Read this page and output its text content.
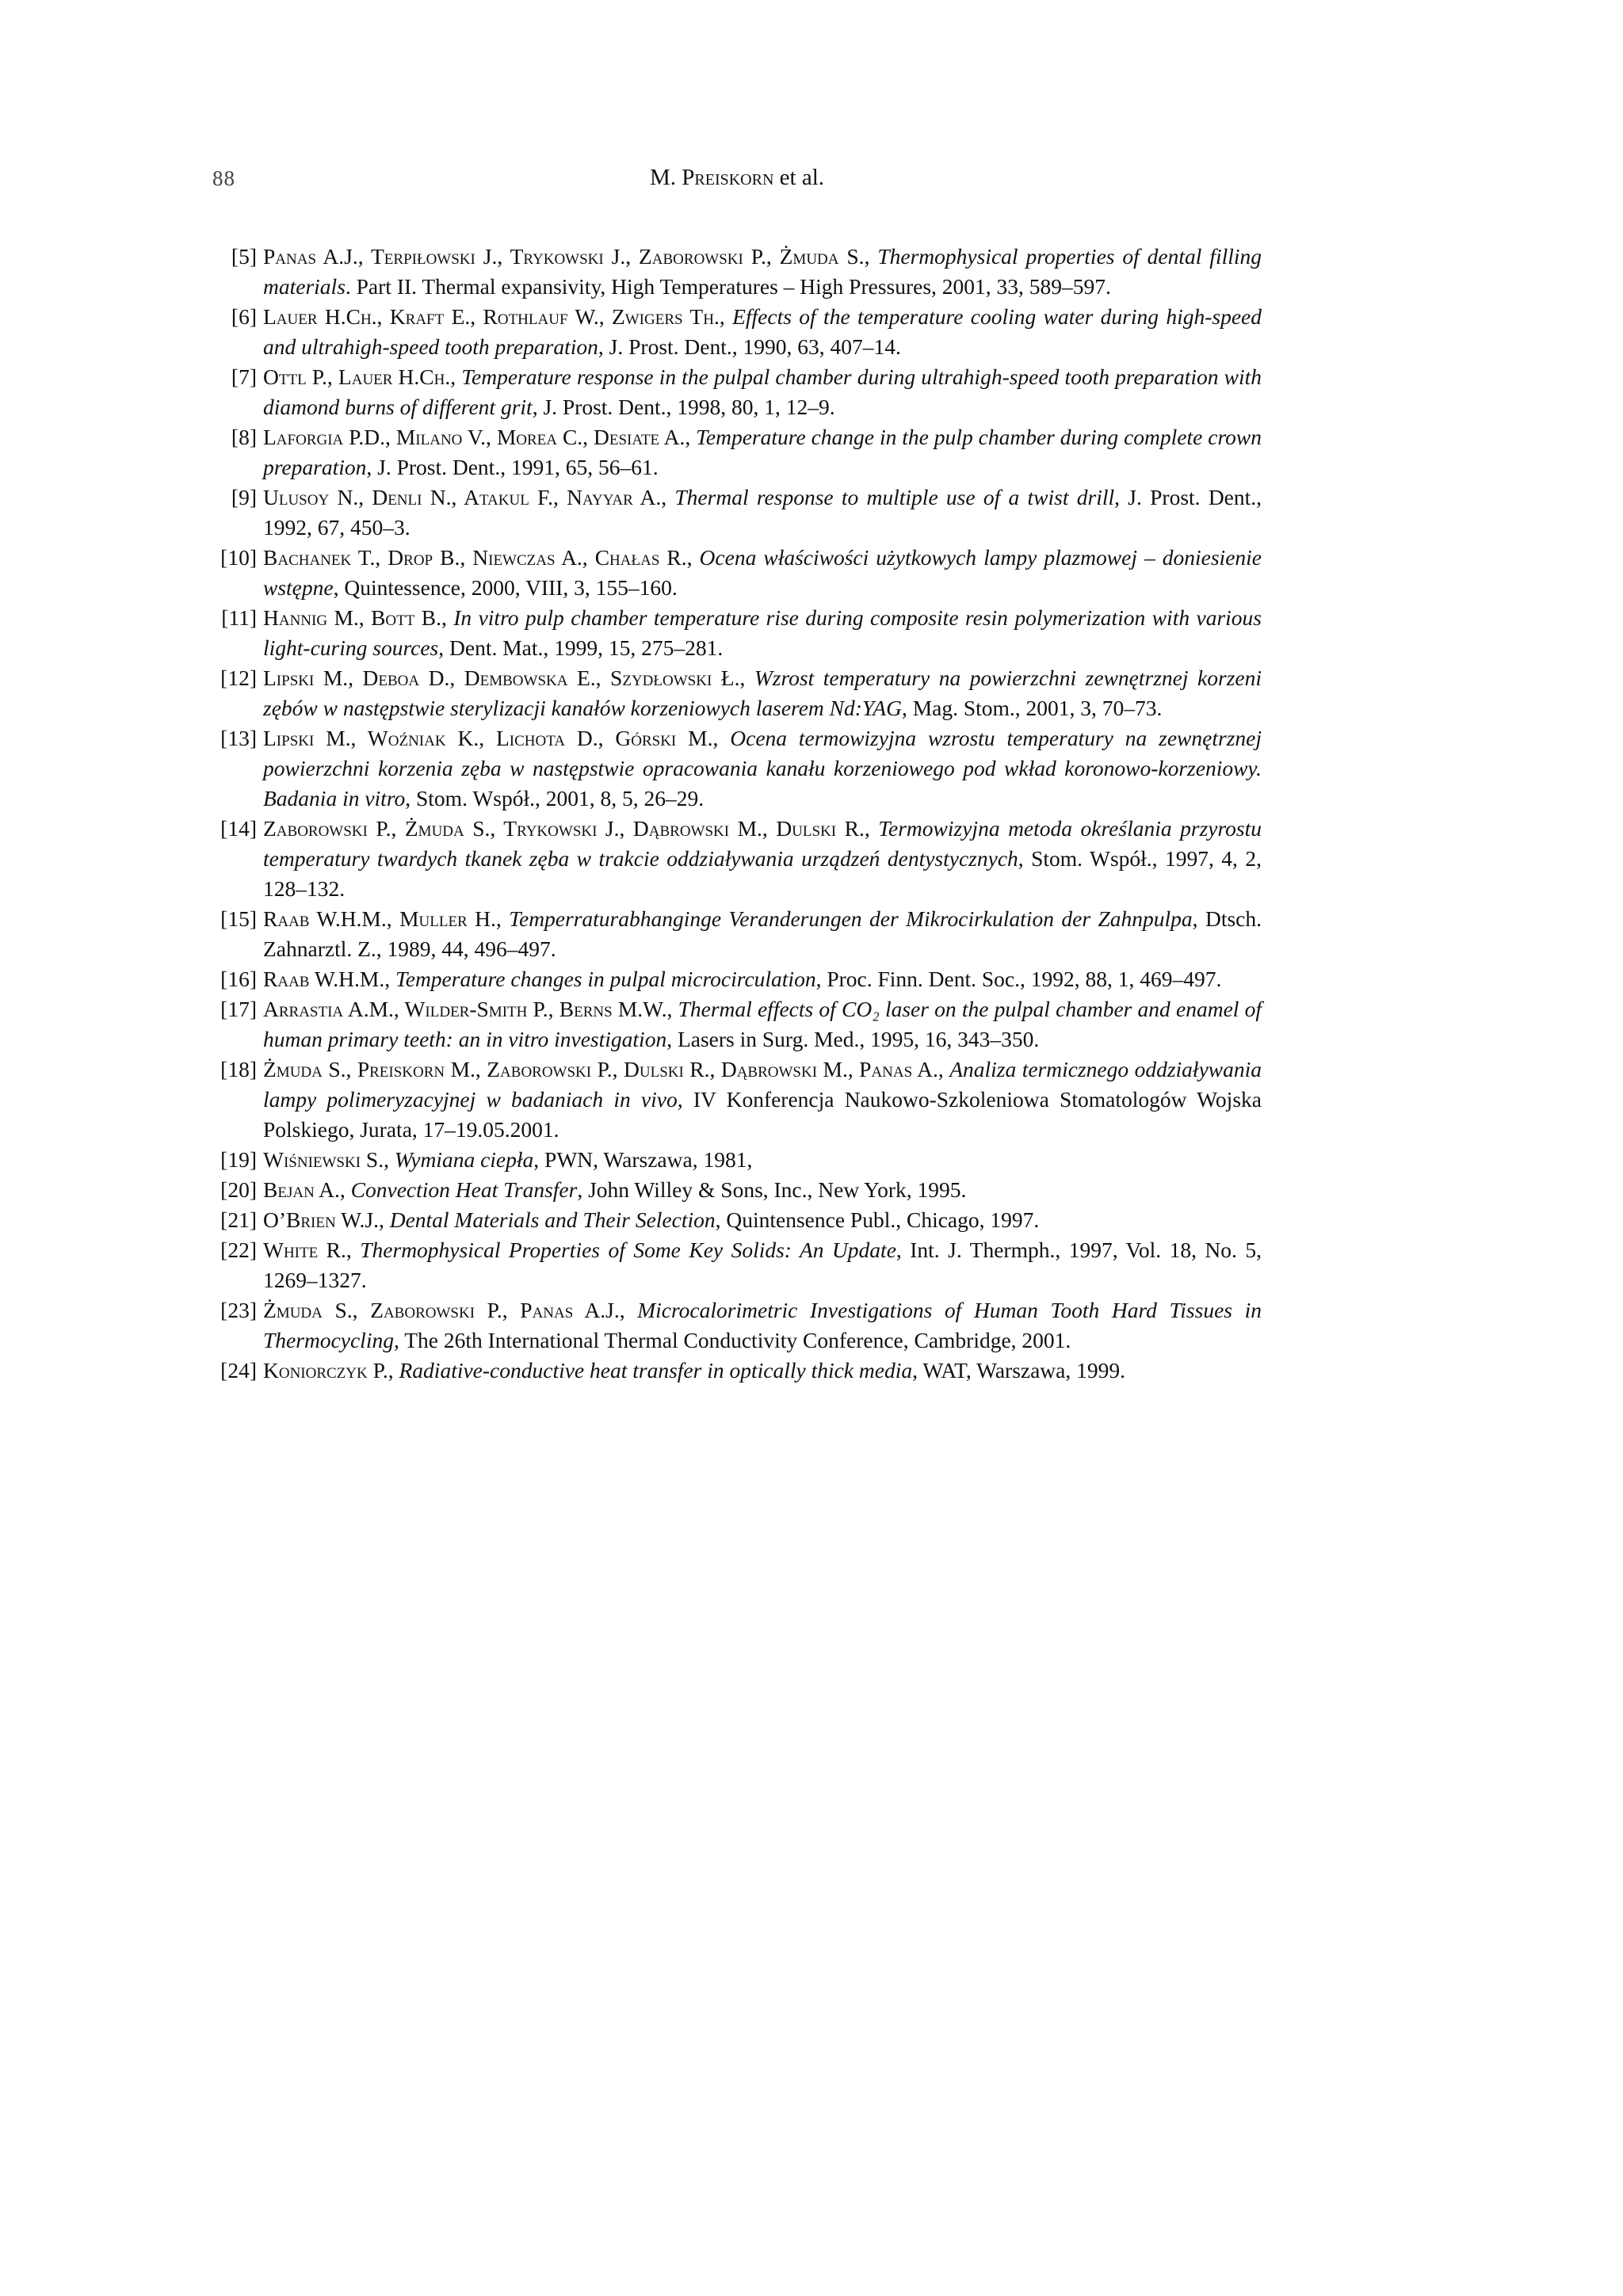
88	M. Preiskorn et al.
[5] Panas A.J., Terpiłowski J., Trykowski J., Zaborowski P., Żmuda S., Thermophysical properties of dental filling materials. Part II. Thermal expansivity, High Temperatures – High Pressures, 2001, 33, 589–597.
[6] Lauer H.Ch., Kraft E., Rothlauf W., Zwigers Th., Effects of the temperature cooling water during high-speed and ultrahigh-speed tooth preparation, J. Prost. Dent., 1990, 63, 407–14.
[7] Ottl P., Lauer H.Ch., Temperature response in the pulpal chamber during ultrahigh-speed tooth preparation with diamond burns of different grit, J. Prost. Dent., 1998, 80, 1, 12–9.
[8] Laforgia P.D., Milano V., Morea C., Desiate A., Temperature change in the pulp chamber during complete crown preparation, J. Prost. Dent., 1991, 65, 56–61.
[9] Ulusoy N., Denli N., Atakul F., Nayyar A., Thermal response to multiple use of a twist drill, J. Prost. Dent., 1992, 67, 450–3.
[10] Bachanek T., Drop B., Niewczas A., Chałas R., Ocena właściwości użytkowych lampy plazmowej – doniesienie wstępne, Quintessence, 2000, VIII, 3, 155–160.
[11] Hannig M., Bott B., In vitro pulp chamber temperature rise during composite resin polymerization with various light-curing sources, Dent. Mat., 1999, 15, 275–281.
[12] Lipski M., Deboa D., Dembowska E., Szydłowski Ł., Wzrost temperatury na powierzchni zewnętrznej korzeni zębów w następstwie sterylizacji kanałów korzeniowych laserem Nd:YAG, Mag. Stom., 2001, 3, 70–73.
[13] Lipski M., Woźniak K., Lichota D., Górski M., Ocena termowizyjna wzrostu temperatury na zewnętrznej powierzchni korzenia zęba w następstwie opracowania kanału korzeniowego pod wkład koronowo-korzeniowy. Badania in vitro, Stom. Współ., 2001, 8, 5, 26–29.
[14] Zaborowski P., Żmuda S., Trykowski J., Dąbrowski M., Dulski R., Termowizyjna metoda określania przyrostu temperatury twardych tkanek zęba w trakcie oddziaływania urządzeń dentystycznych, Stom. Współ., 1997, 4, 2, 128–132.
[15] Raab W.H.M., Muller H., Temperraturabhanginge Veranderungen der Mikrocirkulation der Zahnpulpa, Dtsch. Zahnarztl. Z., 1989, 44, 496–497.
[16] Raab W.H.M., Temperature changes in pulpal microcirculation, Proc. Finn. Dent. Soc., 1992, 88, 1, 469–497.
[17] Arrastia A.M., Wilder-Smith P., Berns M.W., Thermal effects of CO₂ laser on the pulpal chamber and enamel of human primary teeth: an in vitro investigation, Lasers in Surg. Med., 1995, 16, 343–350.
[18] Żmuda S., Preiskorn M., Zaborowski P., Dulski R., Dąbrowski M., Panas A., Analiza termicznego oddziaływania lampy polimeryzacyjnej w badaniach in vivo, IV Konferencja Naukowo-Szkoleniowa Stomatologów Wojska Polskiego, Jurata, 17–19.05.2001.
[19] Wiśniewski S., Wymiana ciepła, PWN, Warszawa, 1981,
[20] Bejan A., Convection Heat Transfer, John Willey & Sons, Inc., New York, 1995.
[21] O’Brien W.J., Dental Materials and Their Selection, Quintensence Publ., Chicago, 1997.
[22] White R., Thermophysical Properties of Some Key Solids: An Update, Int. J. Thermph., 1997, Vol. 18, No. 5, 1269–1327.
[23] Żmuda S., Zaborowski P., Panas A.J., Microcalorimetric Investigations of Human Tooth Hard Tissues in Thermocycling, The 26th International Thermal Conductivity Conference, Cambridge, 2001.
[24] Koniorczyk P., Radiative-conductive heat transfer in optically thick media, WAT, Warszawa, 1999.
